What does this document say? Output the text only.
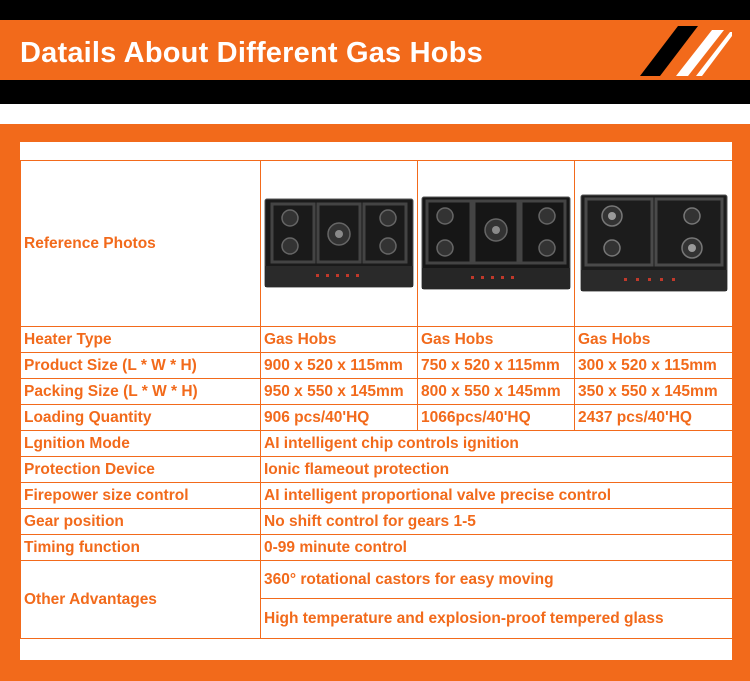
Datails About Different Gas Hobs
Reference Photos	

Heater Type	Gas Hobs	Gas Hobs	Gas Hobs
Product Size (L * W * H)	900 x 520 x 115mm	750 x 520 x 115mm	300 x 520 x 115mm
Packing Size (L * W * H)	950 x 550 x 145mm	800 x 550 x 145mm	350 x 550 x 145mm
Loading Quantity	906 pcs/40'HQ	1066pcs/40'HQ	2437 pcs/40'HQ
Lgnition Mode	AI intelligent chip controls ignition		
Protection Device	Ionic flameout protection		
Firepower size control	AI intelligent proportional valve precise control		
Gear position	No shift control for gears 1-5		
Timing function	0-99 minute control		
Other Advantages	360° rotational castors for easy moving		
	High temperature and explosion-proof tempered glass		
